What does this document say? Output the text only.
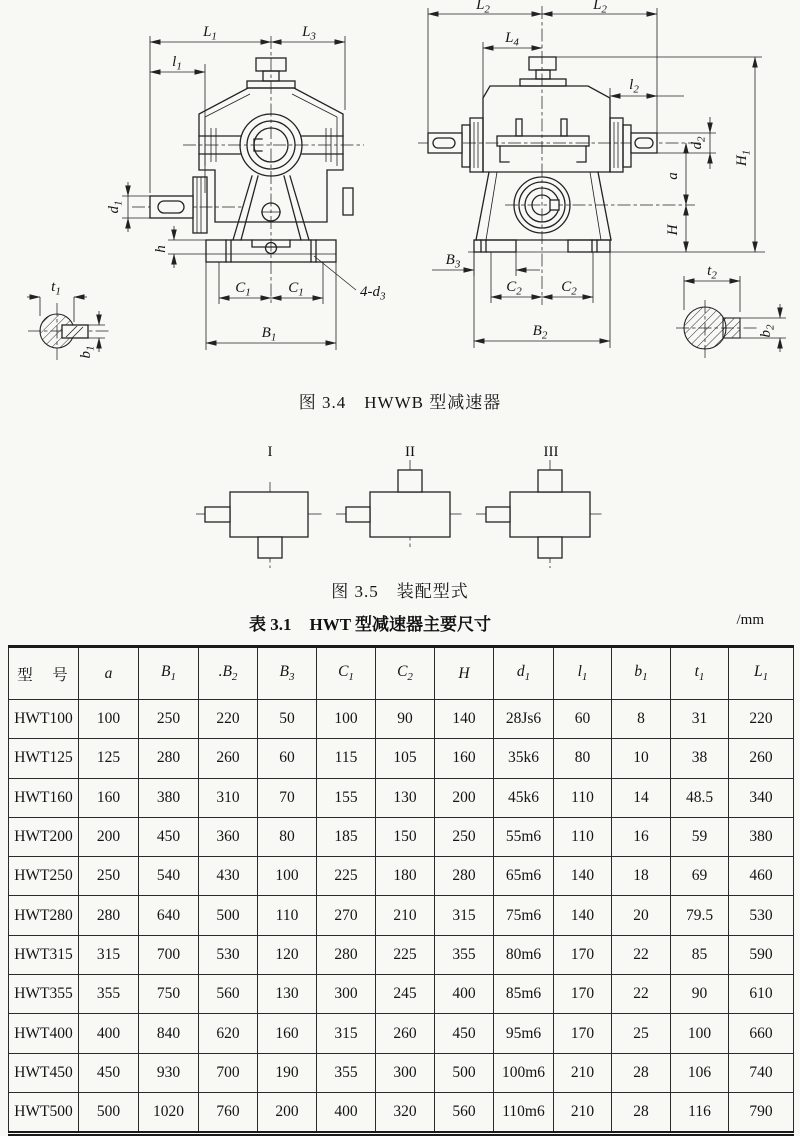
$L_1$	$L_3$
$l_1$
$d_1$
h
$C_1$ $C_1$
$B_1$
$4-d_3$
$t_1$
$b_1$
$L_2$	$L_2$
$L_4$
$l_2$
$d_2$
a
H
$H_1$
$B_3$
$C_2$	$C_2$
$B_2$
$t_2$
$b_2$
图 3.4　HWWB 型减速器
I	II	III
图 3.5　装配型式
表 3.1 HWT 型减速器主要尺寸	/mm
型　号	a	$B_1$	$.B_2$	$B_3$	$C_1$	$C_2$	H	$d_1$	$l_1$	$b_1$	$t_1$	$L_1$
HWT100	100	250	220	50	100	90	140	28Js6	60	8	31	220
HWT125	125	280	260	60	115	105	160	35k6	80	10	38	260
HWT160	160	380	310	70	155	130	200	45k6	110	14	48.5	340
HWT200	200	450	360	80	185	150	250	55m6	110	16	59	380
HWT250	250	540	430	100	225	180	280	65m6	140	18	69	460
HWT280	280	640	500	110	270	210	315	75m6	140	20	79.5	530
HWT315	315	700	530	120	280	225	355	80m6	170	22	85	590
HWT355	355	750	560	130	300	245	400	85m6	170	22	90	610
HWT400	400	840	620	160	315	260	450	95m6	170	25	100	660
HWT450	450	930	700	190	355	300	500	100m6	210	28	106	740
HWT500	500	1020	760	200	400	320	560	110m6	210	28	116	790
